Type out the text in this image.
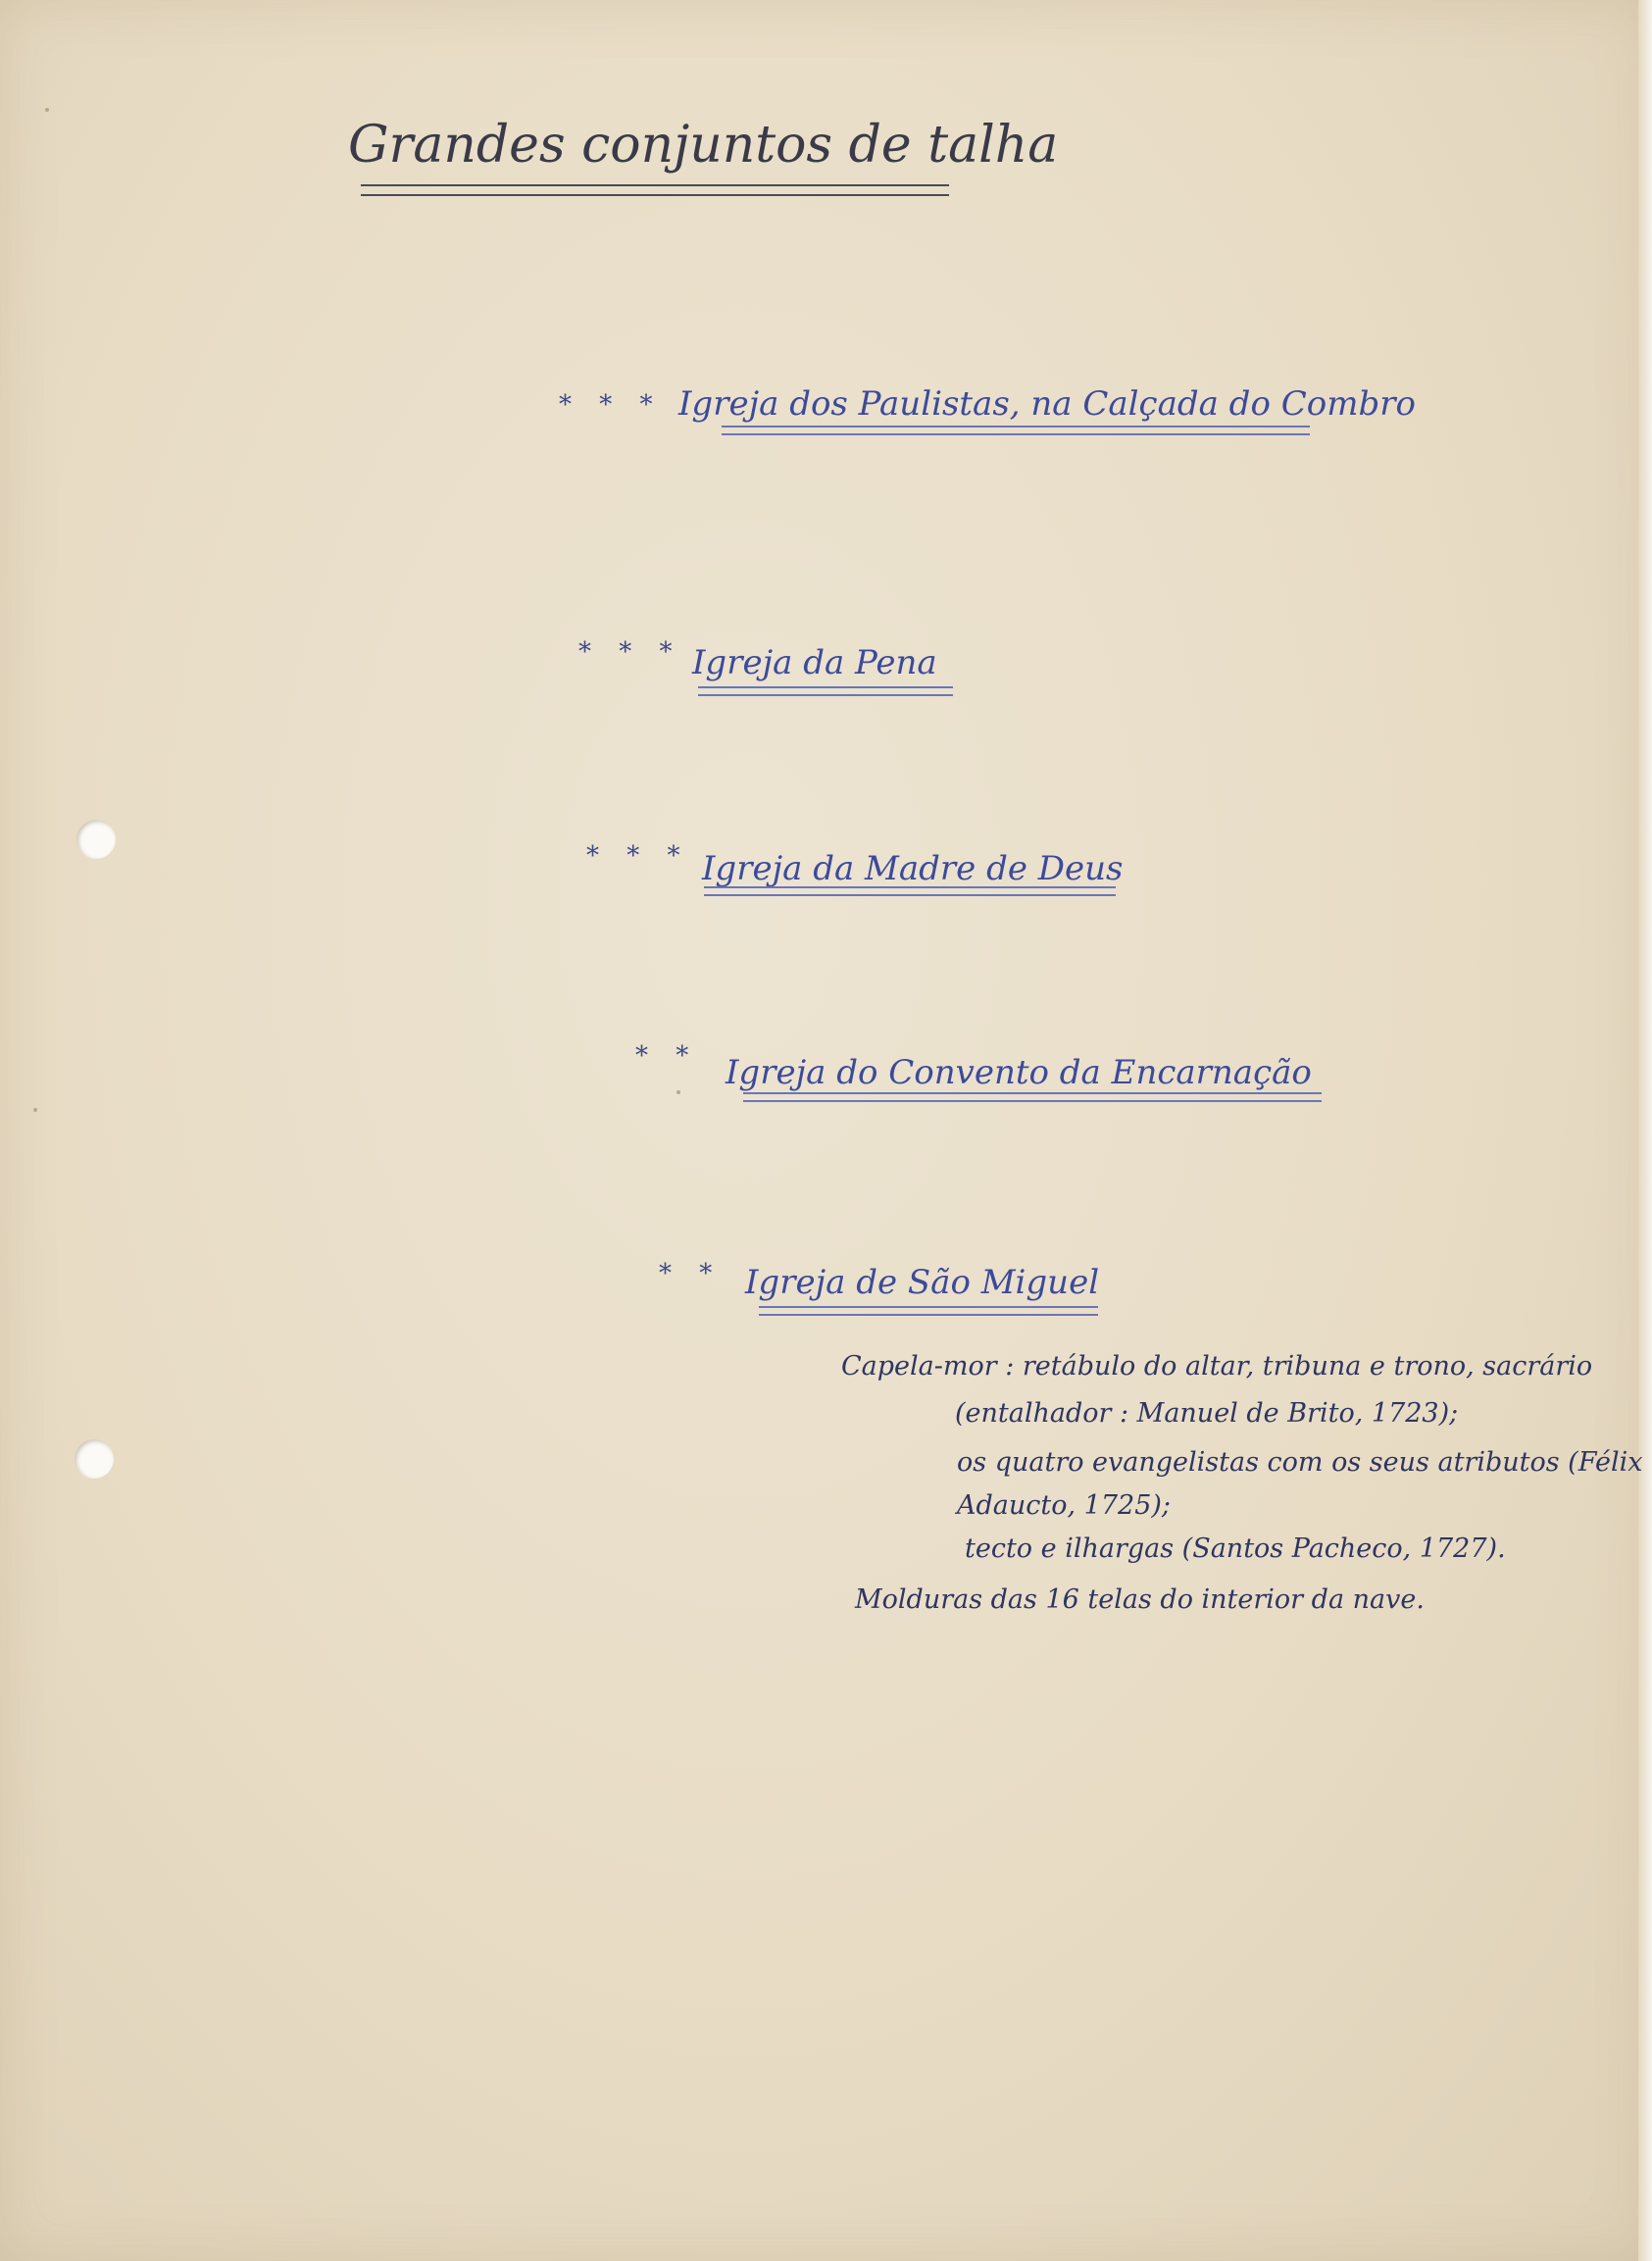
Grandes conjuntos de talha
* * * Igreja dos Paulistas, na Calçada do Combro
* * * Igreja da Pena
* * * Igreja da Madre de Deus
* * Igreja do Convento da Encarnação
* * Igreja de São Miguel
Capela-mor : retábulo do altar, tribuna e trono, sacrário
(entalhador : Manuel de Brito, 1723);
os quatro evangelistas com os seus atributos (Félix
Adaucto, 1725);
tecto e ilhargas (Santos Pacheco, 1727).
Molduras das 16 telas do interior da nave.
